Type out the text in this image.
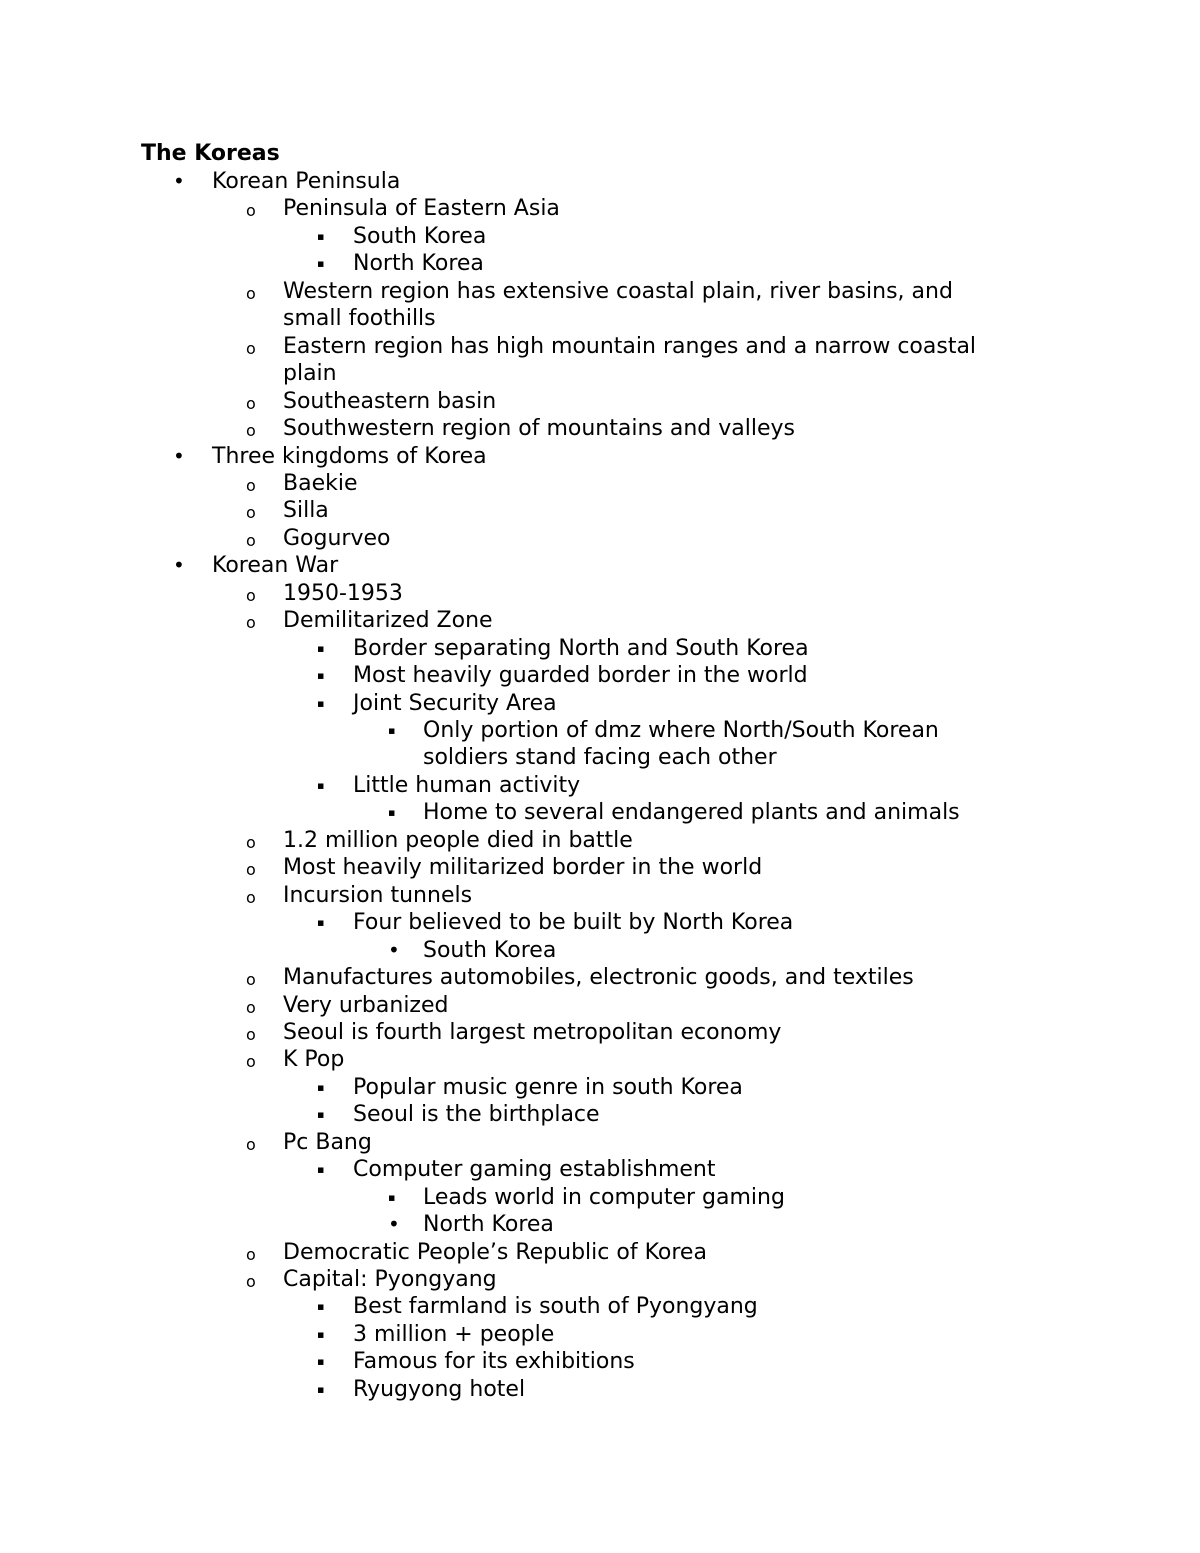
The Koreas
• Korean Peninsula
o Peninsula of Eastern Asia
▪ South Korea
▪ North Korea
o Western region has extensive coastal plain, river basins, and
small foothills
o Eastern region has high mountain ranges and a narrow coastal
plain
o Southeastern basin
o Southwestern region of mountains and valleys
• Three kingdoms of Korea
o Baekie
o Silla
o Gogurveo
• Korean War
o 1950-1953
o Demilitarized Zone
▪ Border separating North and South Korea
▪ Most heavily guarded border in the world
▪ Joint Security Area
▪ Only portion of dmz where North/South Korean
soldiers stand facing each other
▪ Little human activity
▪ Home to several endangered plants and animals
o 1.2 million people died in battle
o Most heavily militarized border in the world
o Incursion tunnels
▪ Four believed to be built by North Korea
• South Korea
o Manufactures automobiles, electronic goods, and textiles
o Very urbanized
o Seoul is fourth largest metropolitan economy
o K Pop
▪ Popular music genre in south Korea
▪ Seoul is the birthplace
o Pc Bang
▪ Computer gaming establishment
▪ Leads world in computer gaming
• North Korea
o Democratic People’s Republic of Korea
o Capital: Pyongyang
▪ Best farmland is south of Pyongyang
▪ 3 million + people
▪ Famous for its exhibitions
▪ Ryugyong hotel
